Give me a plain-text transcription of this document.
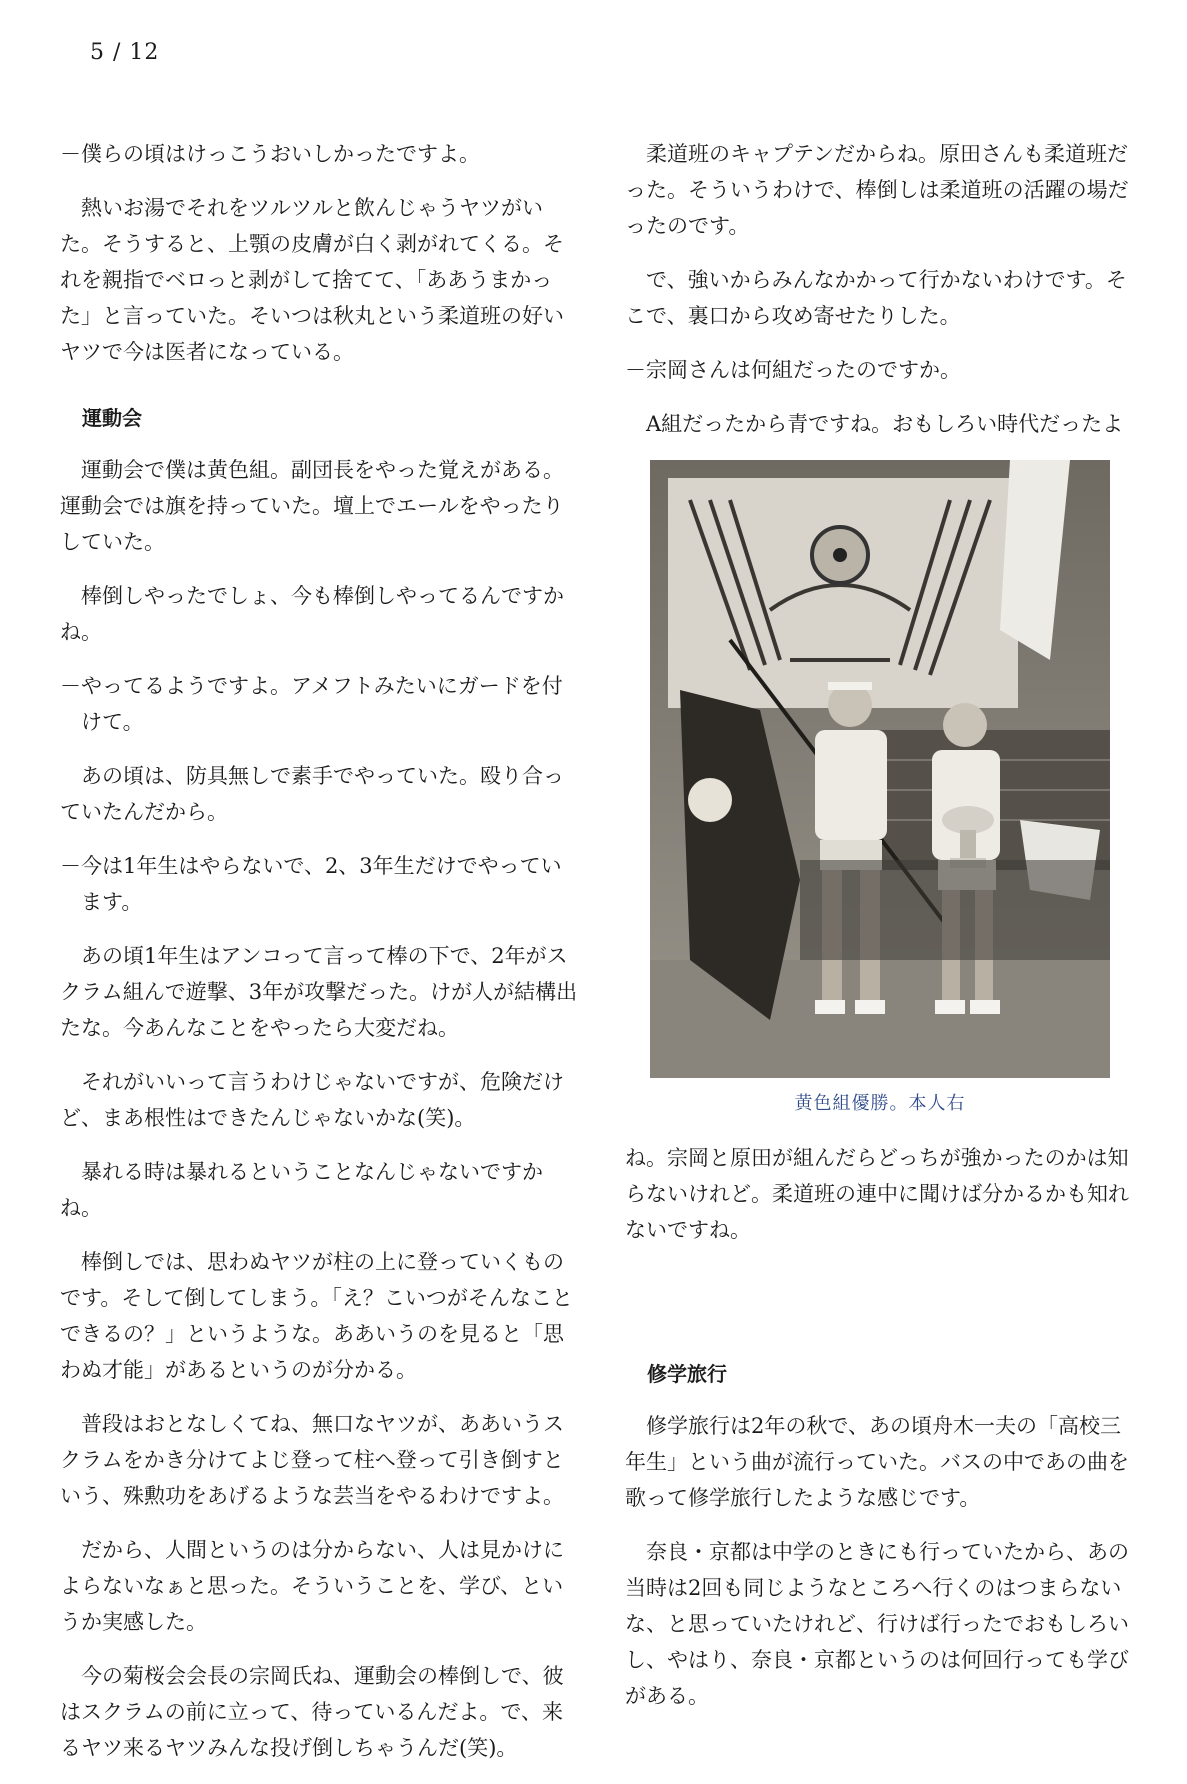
5 / 12
－僕らの頃はけっこうおいしかったですよ。
熱いお湯でそれをツルツルと飲んじゃうヤツがいた。そうすると、上顎の皮膚が白く剥がれてくる。それを親指でベロっと剥がして捨てて、「ああうまかった」と言っていた。そいつは秋丸という柔道班の好いヤツで今は医者になっている。
運動会
運動会で僕は黄色組。副団長をやった覚えがある。運動会では旗を持っていた。壇上でエールをやったりしていた。
棒倒しやったでしょ、今も棒倒しやってるんですかね。
－やってるようですよ。アメフトみたいにガードを付けて。
あの頃は、防具無しで素手でやっていた。殴り合っていたんだから。
－今は1年生はやらないで、2、3年生だけでやっています。
あの頃1年生はアンコって言って棒の下で、2年がスクラム組んで遊撃、3年が攻撃だった。けが人が結構出たな。今あんなことをやったら大変だね。
それがいいって言うわけじゃないですが、危険だけど、まあ根性はできたんじゃないかな(笑)。
暴れる時は暴れるということなんじゃないですかね。
棒倒しでは、思わぬヤツが柱の上に登っていくものです。そして倒してしまう。「え？こいつがそんなことできるの？」というような。ああいうのを見ると「思わぬ才能」があるというのが分かる。
普段はおとなしくてね、無口なヤツが、ああいうスクラムをかき分けてよじ登って柱へ登って引き倒すという、殊勲功をあげるような芸当をやるわけですよ。
だから、人間というのは分からない、人は見かけによらないなぁと思った。そういうことを、学び、というか実感した。
今の菊桜会会長の宗岡氏ね、運動会の棒倒しで、彼はスクラムの前に立って、待っているんだよ。で、来るヤツ来るヤツみんな投げ倒しちゃうんだ(笑)。
柔道班のキャプテンだからね。原田さんも柔道班だった。そういうわけで、棒倒しは柔道班の活躍の場だったのです。
で、強いからみんなかかって行かないわけです。そこで、裏口から攻め寄せたりした。
－宗岡さんは何組だったのですか。
A組だったから青ですね。おもしろい時代だったよ
黄色組優勝。本人右
ね。宗岡と原田が組んだらどっちが強かったのかは知らないけれど。柔道班の連中に聞けば分かるかも知れないですね。
修学旅行
修学旅行は2年の秋で、あの頃舟木一夫の「高校三年生」という曲が流行っていた。バスの中であの曲を歌って修学旅行したような感じです。
奈良・京都は中学のときにも行っていたから、あの当時は2回も同じようなところへ行くのはつまらないな、と思っていたけれど、行けば行ったでおもしろいし、やはり、奈良・京都というのは何回行っても学びがある。
